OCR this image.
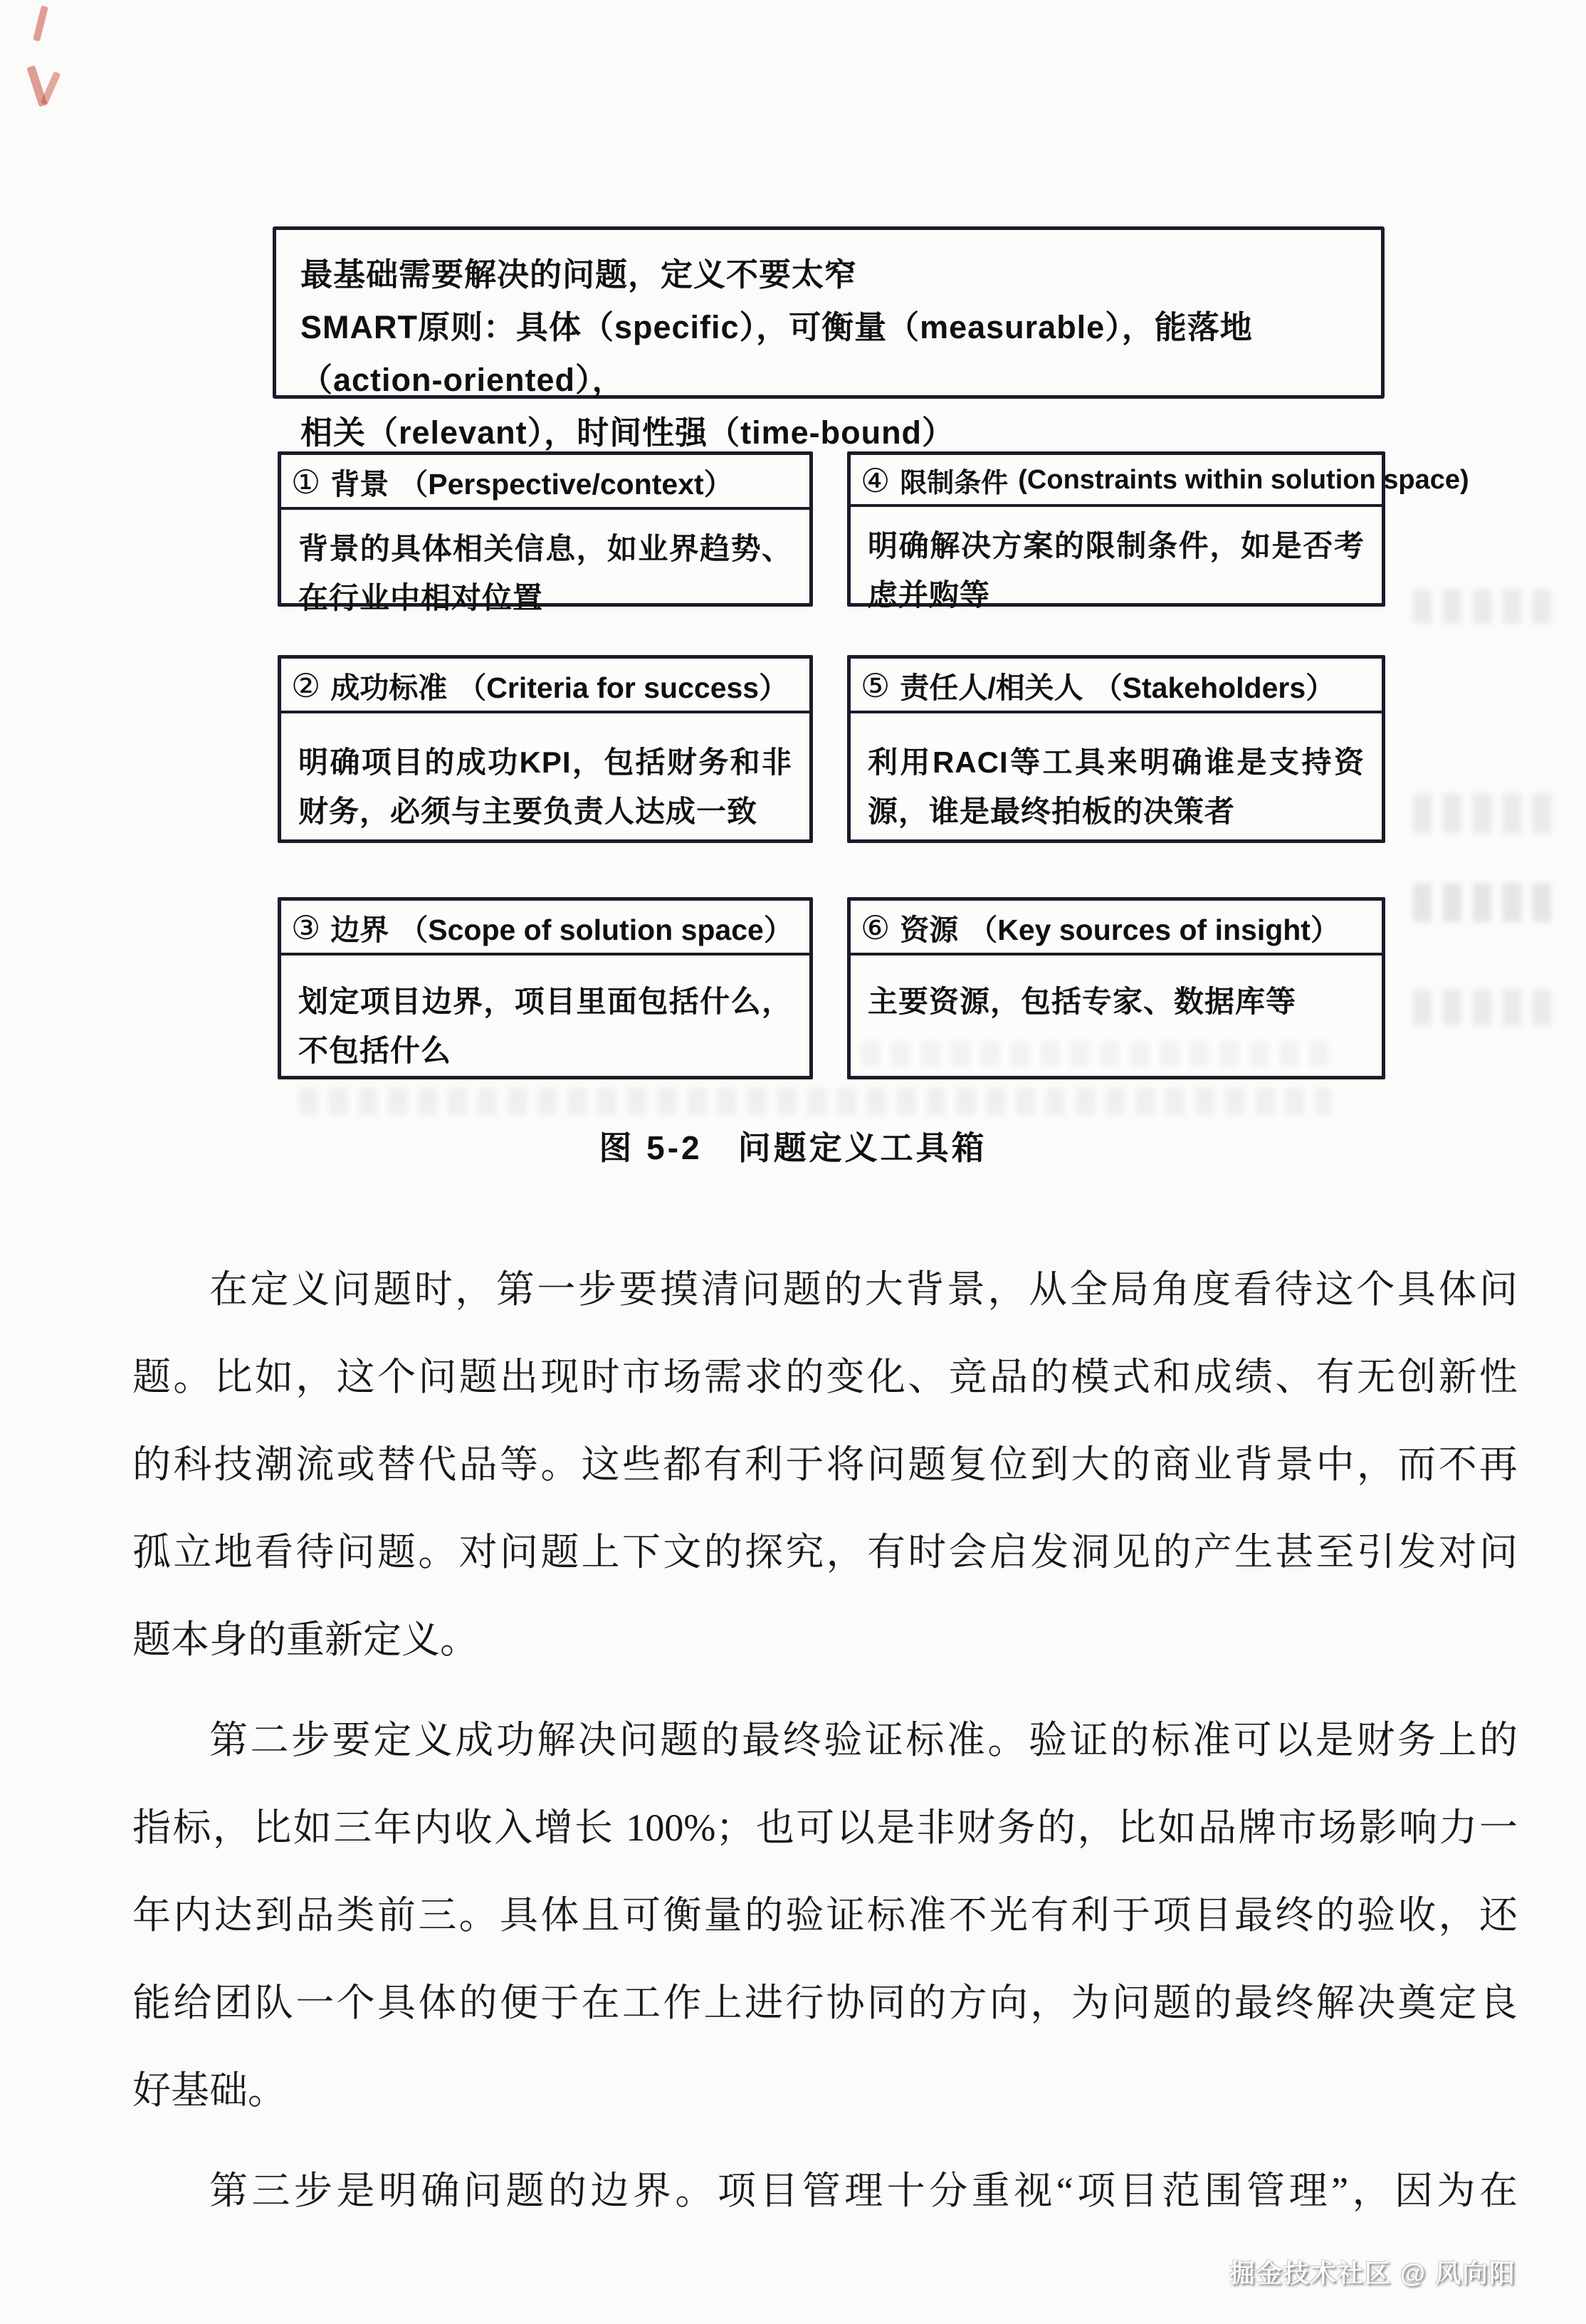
最基础需要解决的问题，定义不要太窄
SMART原则：具体（specific），可衡量（measurable），能落地（action-oriented），
相关（relevant），时间性强（time-bound）
① 背景 （Perspective/context）
背景的具体相关信息，如业界趋势、在行业中相对位置
④ 限制条件 (Constraints within solution space)
明确解决方案的限制条件，如是否考虑并购等
② 成功标准 （Criteria for success）
明确项目的成功KPI，包括财务和非财务，必须与主要负责人达成一致
⑤ 责任人/相关人 （Stakeholders）
利用RACI等工具来明确谁是支持资源，谁是最终拍板的决策者
③ 边界 （Scope of solution space）
划定项目边界，项目里面包括什么，不包括什么
⑥ 资源 （Key sources of insight）
主要资源，包括专家、数据库等
图 5-2　问题定义工具箱
在定义问题时，第一步要摸清问题的大背景，从全局角度看待这个具体问
题。比如，这个问题出现时市场需求的变化、竞品的模式和成绩、有无创新性
的科技潮流或替代品等。这些都有利于将问题复位到大的商业背景中，而不再
孤立地看待问题。对问题上下文的探究，有时会启发洞见的产生甚至引发对问
题本身的重新定义。
第二步要定义成功解决问题的最终验证标准。验证的标准可以是财务上的
指标，比如三年内收入增长 100%；也可以是非财务的，比如品牌市场影响力一
年内达到品类前三。具体且可衡量的验证标准不光有利于项目最终的验收，还
能给团队一个具体的便于在工作上进行协同的方向，为问题的最终解决奠定良
好基础。
第三步是明确问题的边界。项目管理十分重视“项目范围管理”，因为在
掘金技术社区 @ 风向阳
